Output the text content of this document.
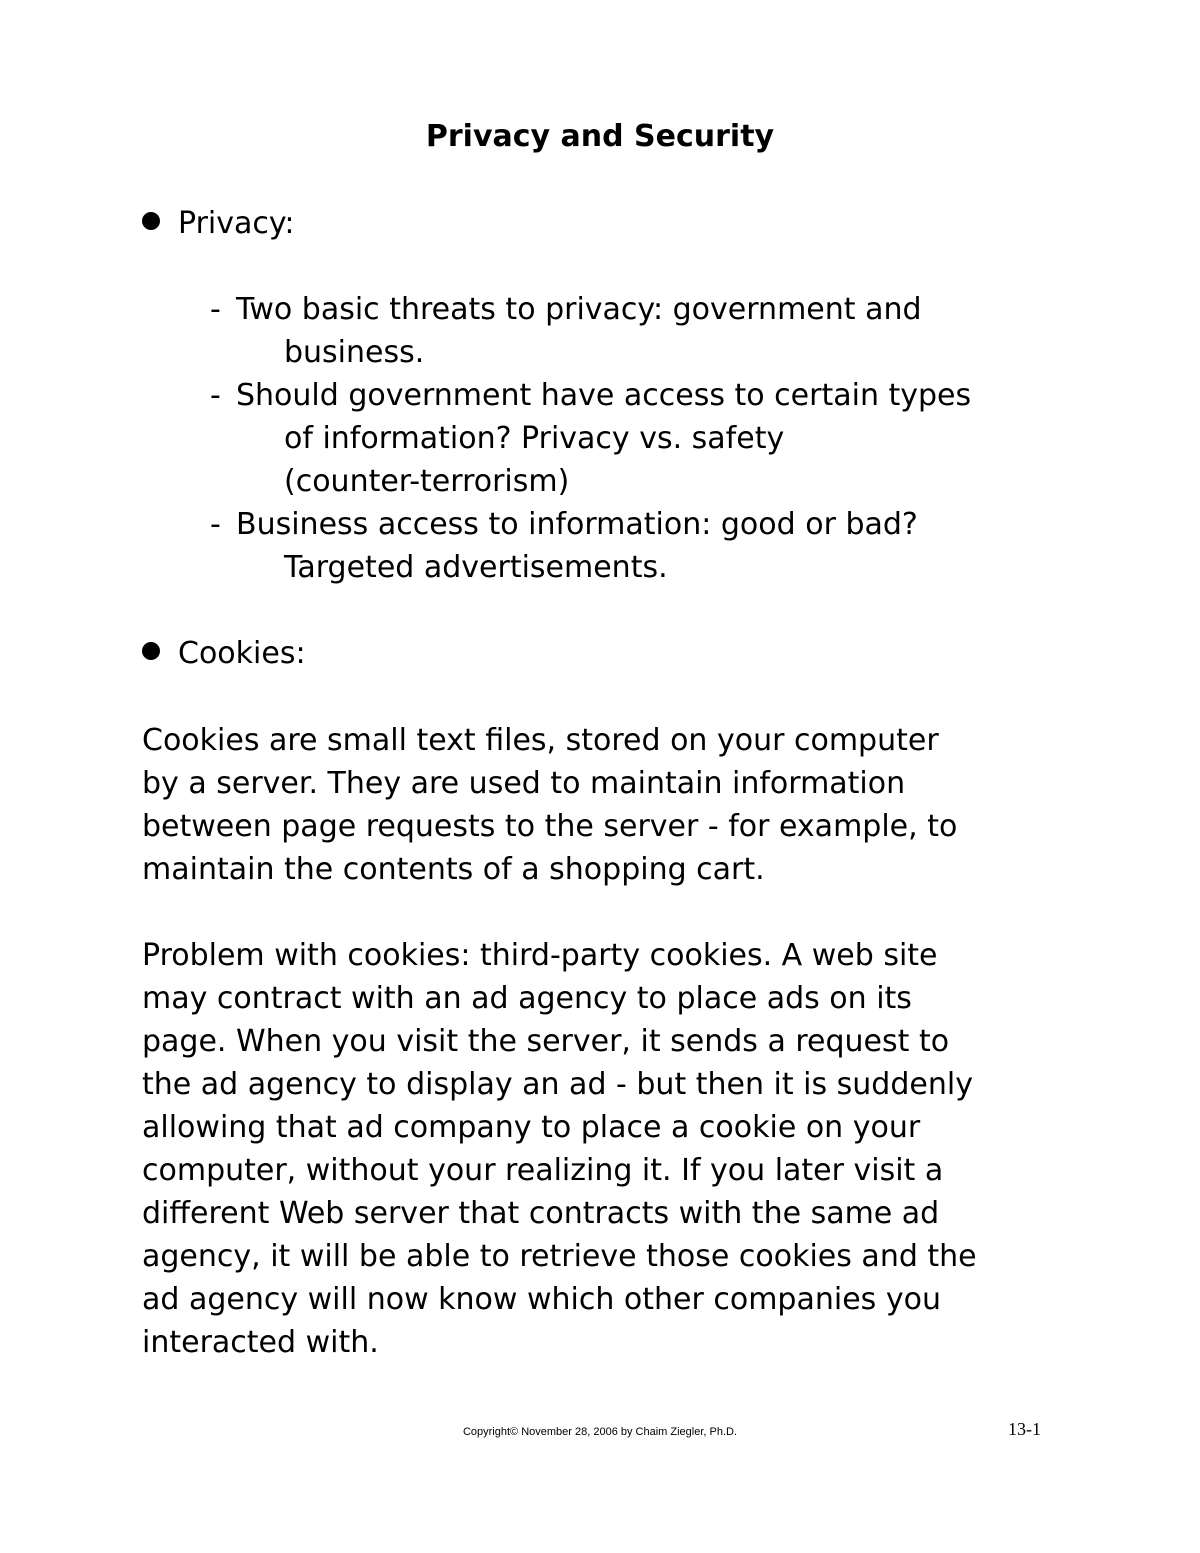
Privacy and Security
Privacy:
- Two basic threats to privacy: government and
business.
- Should government have access to certain types
of information? Privacy vs. safety
(counter-terrorism)
- Business access to information: good or bad?
Targeted advertisements.
Cookies:
Cookies are small text files, stored on your computer
by a server. They are used to maintain information
between page requests to the server - for example, to
maintain the contents of a shopping cart.
Problem with cookies: third-party cookies. A web site
may contract with an ad agency to place ads on its
page. When you visit the server, it sends a request to
the ad agency to display an ad - but then it is suddenly
allowing that ad company to place a cookie on your
computer, without your realizing it. If you later visit a
different Web server that contracts with the same ad
agency, it will be able to retrieve those cookies and the
ad agency will now know which other companies you
interacted with.
Copyright© November 28, 2006 by Chaim Ziegler, Ph.D.	13-1
